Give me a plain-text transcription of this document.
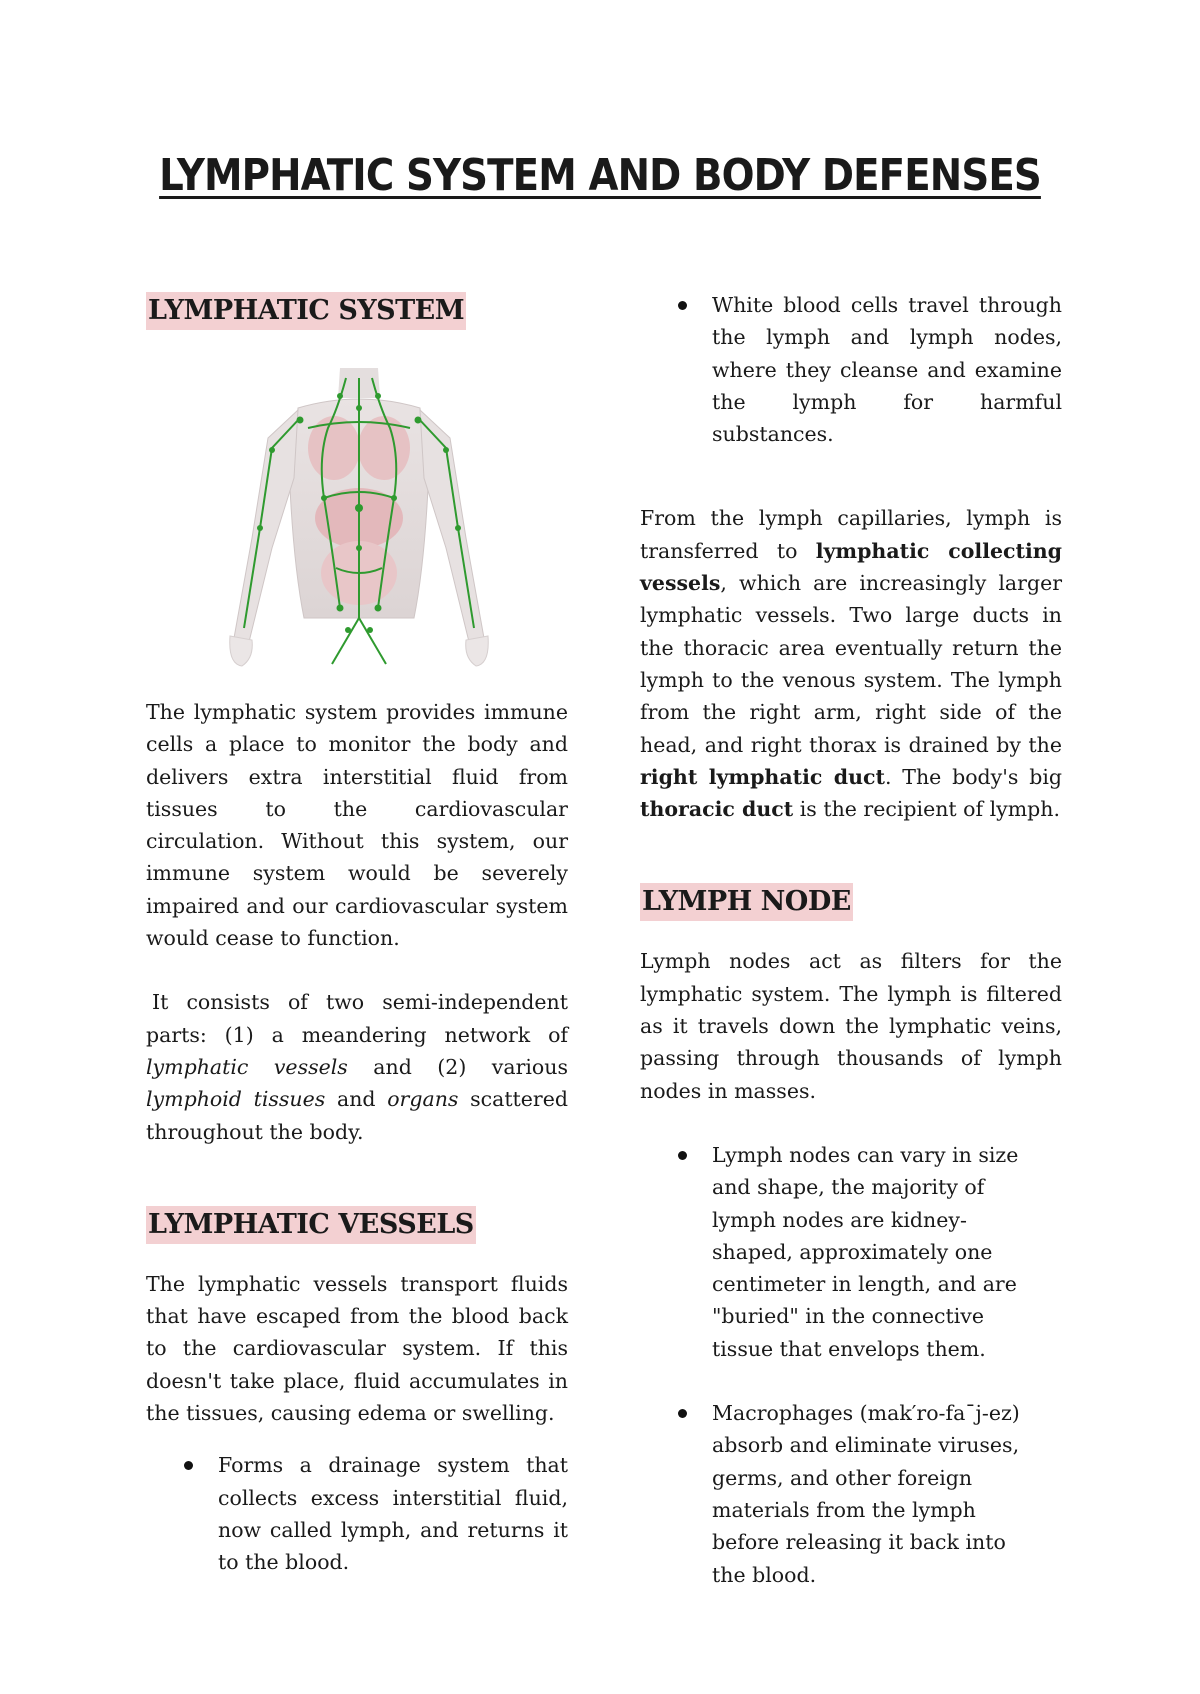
LYMPHATIC SYSTEM AND BODY DEFENSES
LYMPHATIC SYSTEM

The lymphatic system provides immune cells a place to monitor the body and delivers extra interstitial fluid from tissues to the cardiovascular circulation. Without this system, our immune system would be severely impaired and our cardiovascular system would cease to function.

It consists of two semi-independent parts: (1) a meandering network of lymphatic vessels and (2) various lymphoid tissues and organs scattered throughout the body.

LYMPHATIC VESSELS

The lymphatic vessels transport fluids that have escaped from the blood back to the cardiovascular system. If this doesn't take place, fluid accumulates in the tissues, causing edema or swelling.

Forms a drainage system that collects excess interstitial fluid, now called lymph, and returns it to the blood.
White blood cells travel through the lymph and lymph nodes, where they cleanse and examine the lymph for harmful substances.

From the lymph capillaries, lymph is transferred to lymphatic collecting vessels, which are increasingly larger lymphatic vessels. Two large ducts in the thoracic area eventually return the lymph to the venous system. The lymph from the right arm, right side of the head, and right thorax is drained by the right lymphatic duct. The body's big thoracic duct is the recipient of lymph.

LYMPH NODE

Lymph nodes act as filters for the lymphatic system. The lymph is filtered as it travels down the lymphatic veins, passing through thousands of lymph nodes in masses.

Lymph nodes can vary in size and shape, the majority of lymph nodes are kidney-shaped, approximately one centimeter in length, and are "buried" in the connective tissue that envelops them.
Macrophages (mak′ro-fa¯j-ez) absorb and eliminate viruses, germs, and other foreign materials from the lymph before releasing it back into the blood.
